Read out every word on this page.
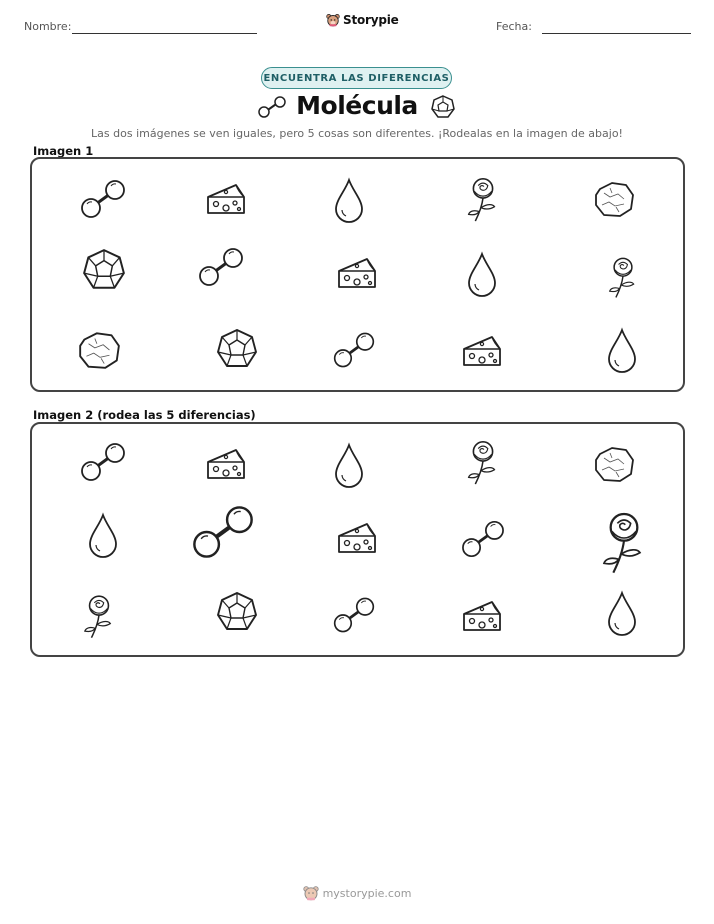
Nombre:	Storypie	Fecha:
ENCUENTRA LAS DIFERENCIAS
Molécula
Las dos imágenes se ven iguales, pero 5 cosas son diferentes. ¡Rodealas en la imagen de abajo!
Imagen 1
Imagen 2 (rodea las 5 diferencias)
mystorypie.com
